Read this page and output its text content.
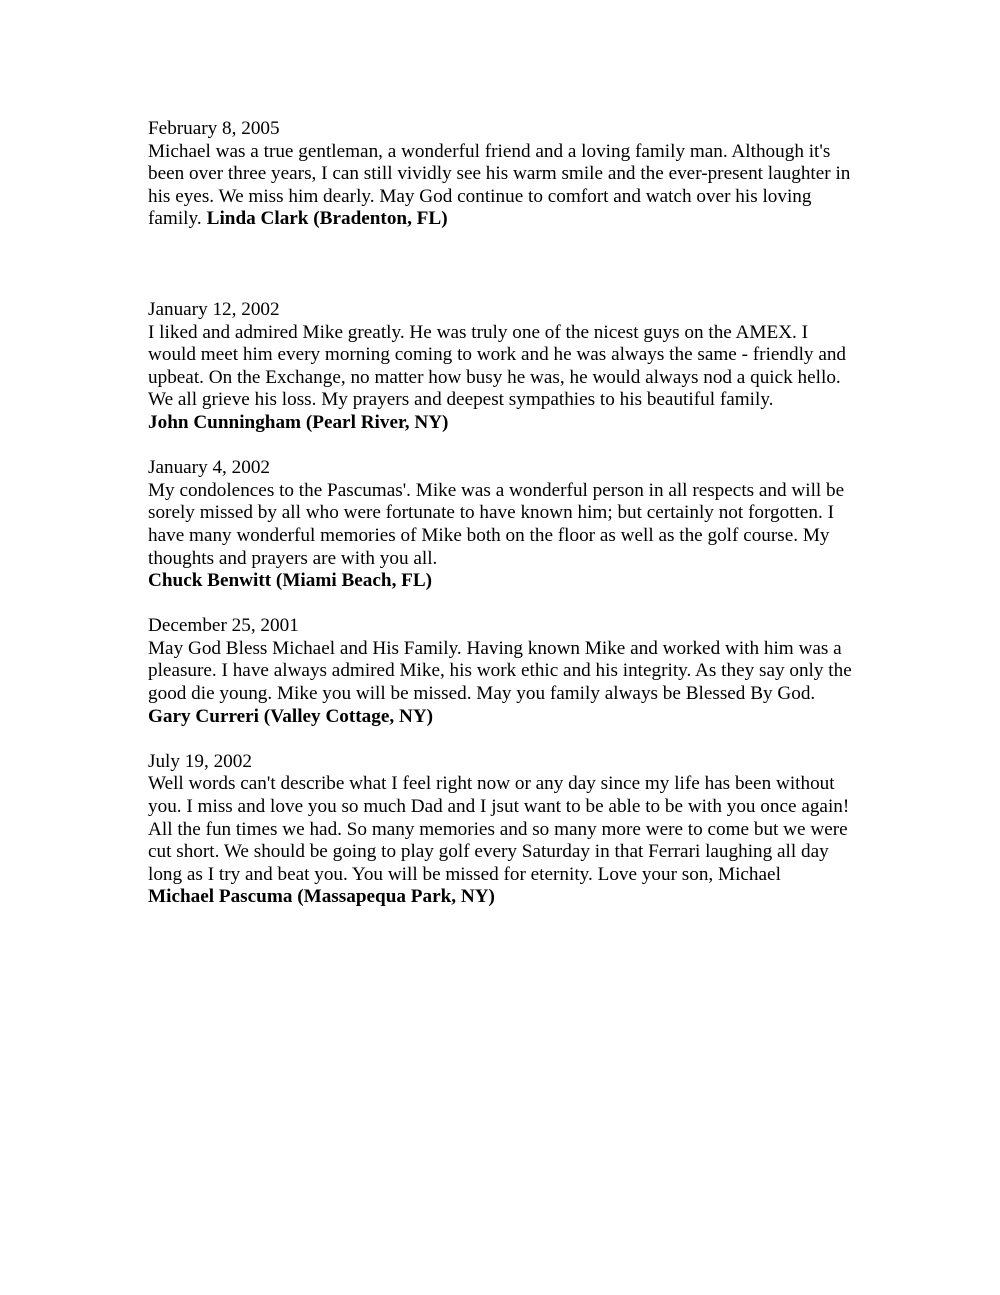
February 8, 2005
Michael was a true gentleman, a wonderful friend and a loving family man. Although it's been over three years, I can still vividly see his warm smile and the ever-present laughter in his eyes. We miss him dearly. May God continue to comfort and watch over his loving family. Linda Clark (Bradenton, FL)
January 12, 2002
I liked and admired Mike greatly. He was truly one of the nicest guys on the AMEX. I would meet him every morning coming to work and he was always the same - friendly and upbeat. On the Exchange, no matter how busy he was, he would always nod a quick hello. We all grieve his loss. My prayers and deepest sympathies to his beautiful family.
John Cunningham (Pearl River, NY)
January 4, 2002
My condolences to the Pascumas'. Mike was a wonderful person in all respects and will be sorely missed by all who were fortunate to have known him; but certainly not forgotten. I have many wonderful memories of Mike both on the floor as well as the golf course. My thoughts and prayers are with you all.
Chuck Benwitt (Miami Beach, FL)
December 25, 2001
May God Bless Michael and His Family. Having known Mike and worked with him was a pleasure. I have always admired Mike, his work ethic and his integrity. As they say only the good die young. Mike you will be missed. May you family always be Blessed By God.
Gary Curreri (Valley Cottage, NY)
July 19, 2002
Well words can't describe what I feel right now or any day since my life has been without you. I miss and love you so much Dad and I jsut want to be able to be with you once again! All the fun times we had. So many memories and so many more were to come but we were cut short. We should be going to play golf every Saturday in that Ferrari laughing all day long as I try and beat you. You will be missed for eternity. Love your son, Michael
Michael Pascuma (Massapequa Park, NY)
